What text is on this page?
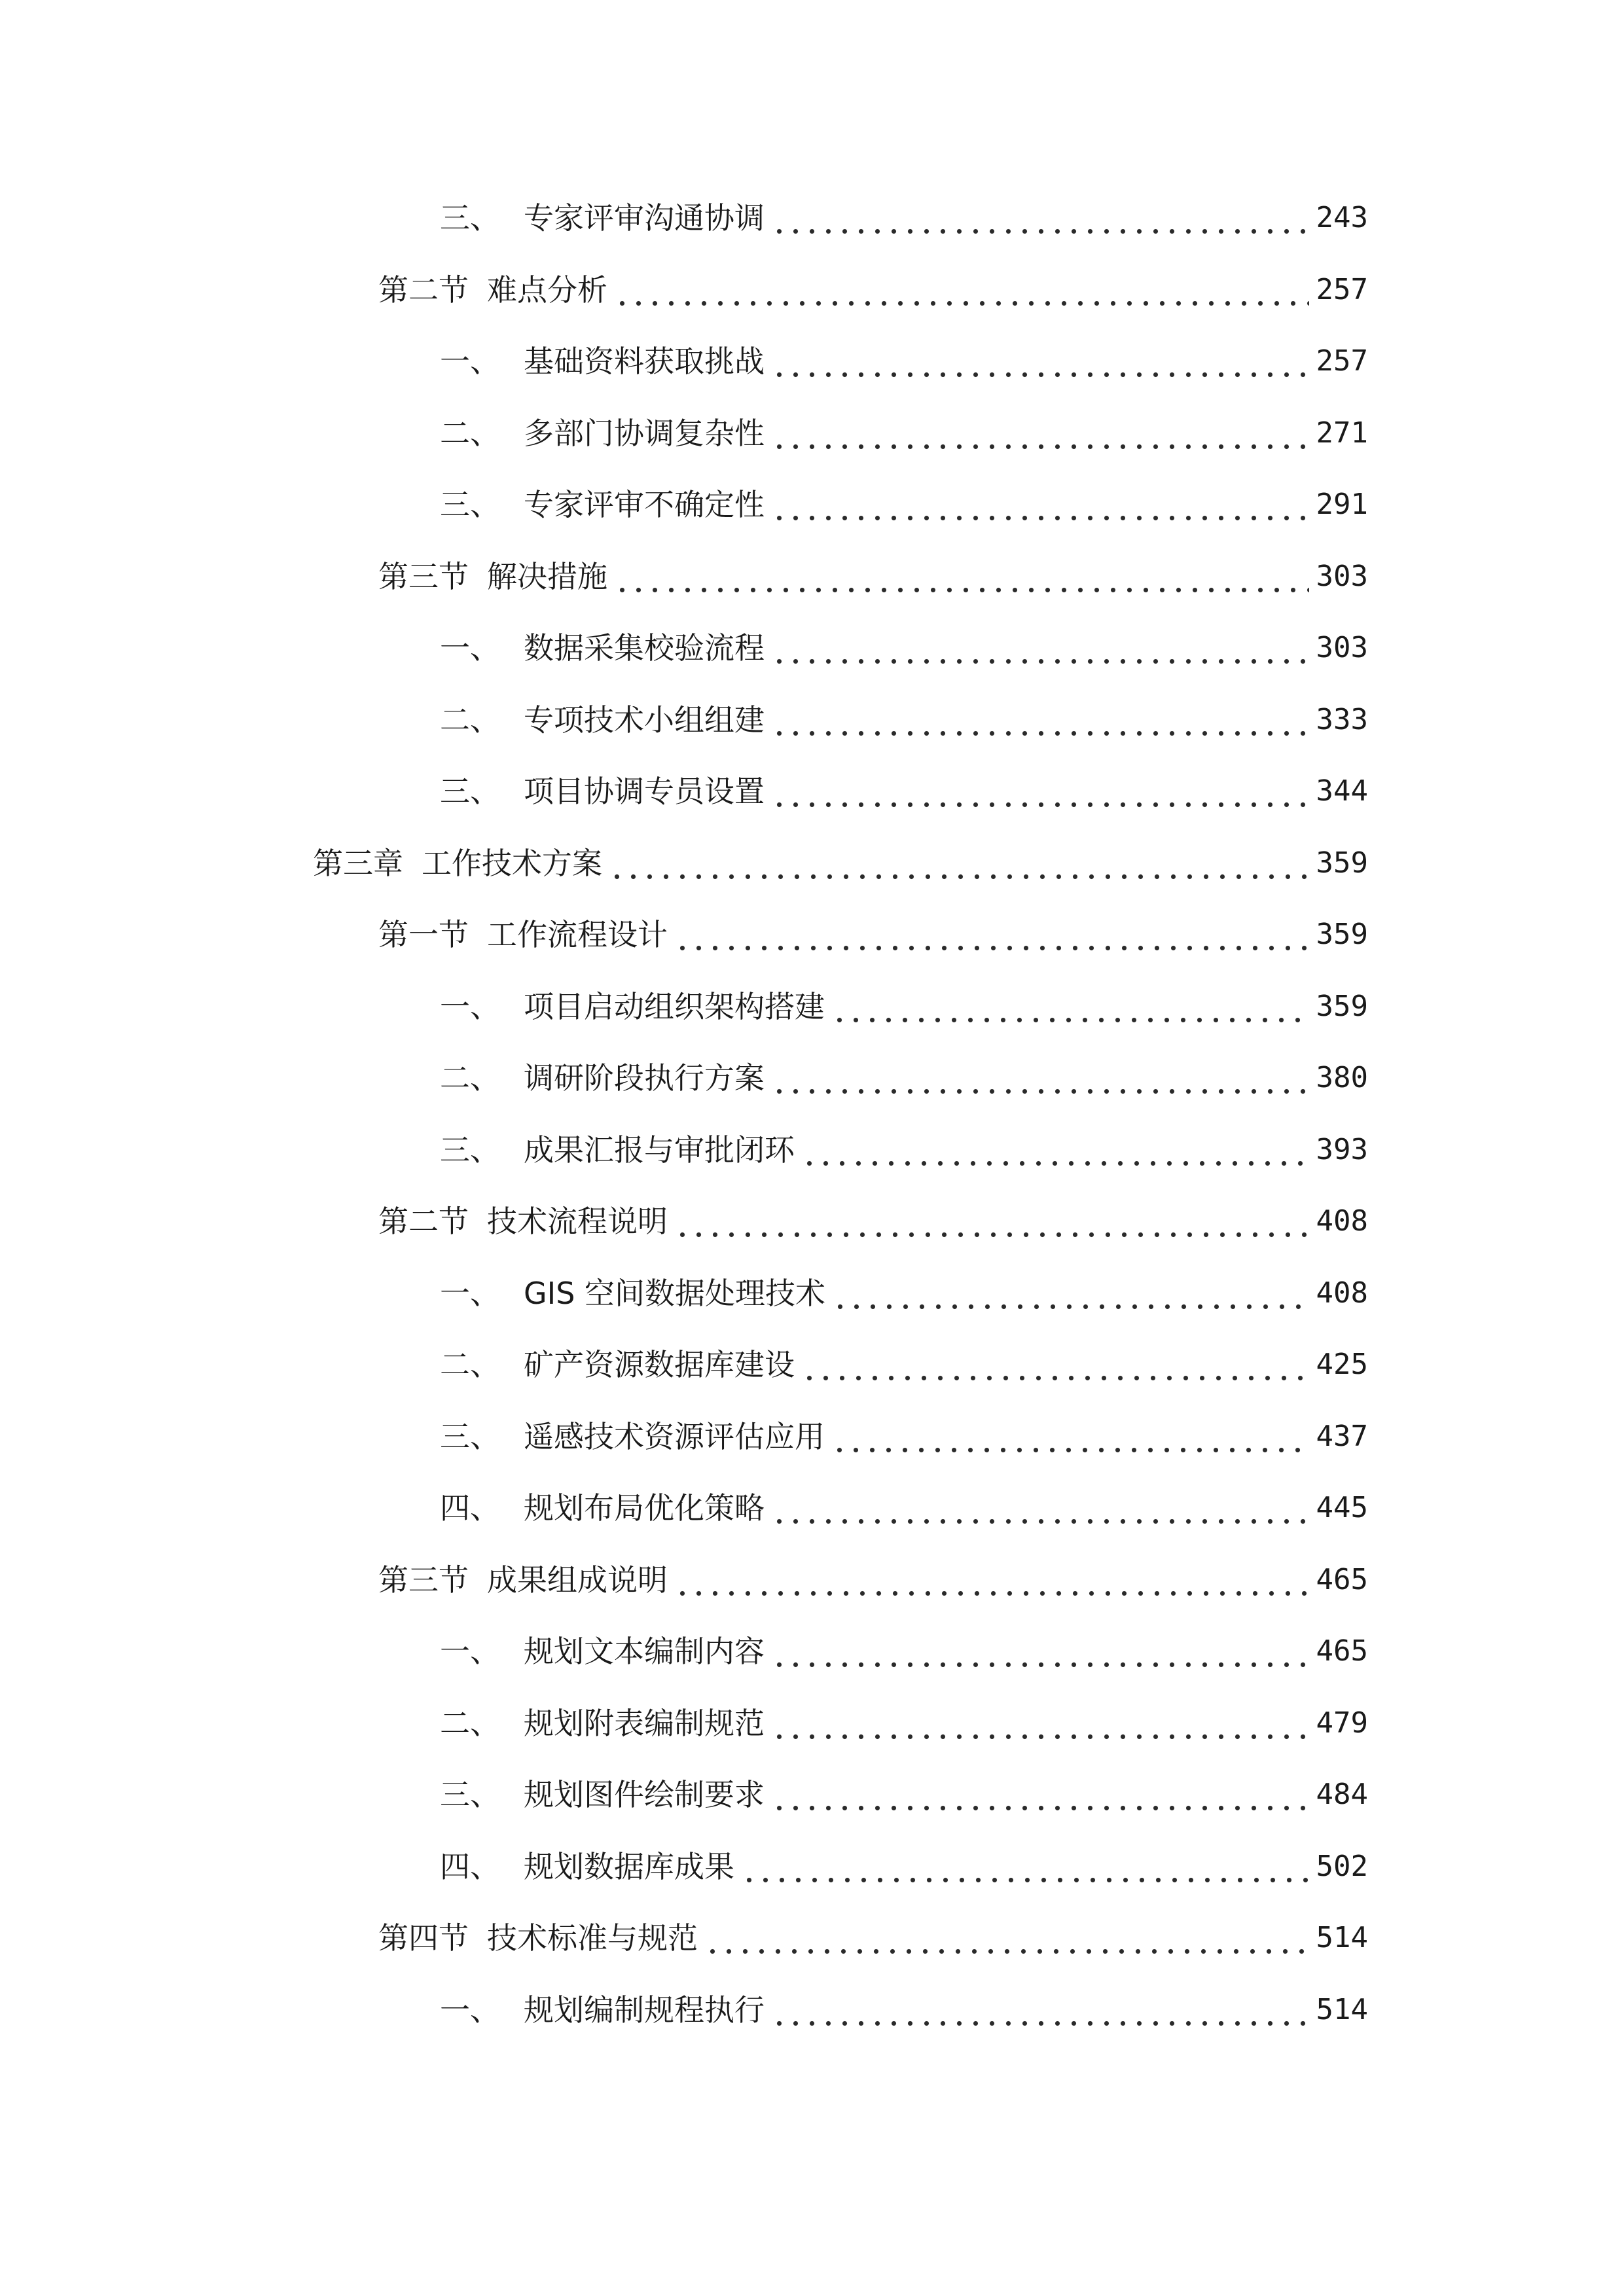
三、 专家评审沟通协调	243
第二节 难点分析	257
一、 基础资料获取挑战	257
二、 多部门协调复杂性	271
三、 专家评审不确定性	291
第三节 解决措施	303
一、 数据采集校验流程	303
二、 专项技术小组组建	333
三、 项目协调专员设置	344
第三章 工作技术方案	359
第一节 工作流程设计	359
一、 项目启动组织架构搭建	359
二、 调研阶段执行方案	380
三、 成果汇报与审批闭环	393
第二节 技术流程说明	408
一、 GIS 空间数据处理技术	408
二、 矿产资源数据库建设	425
三、 遥感技术资源评估应用	437
四、 规划布局优化策略	445
第三节 成果组成说明	465
一、 规划文本编制内容	465
二、 规划附表编制规范	479
三、 规划图件绘制要求	484
四、 规划数据库成果	502
第四节 技术标准与规范	514
一、 规划编制规程执行	514
